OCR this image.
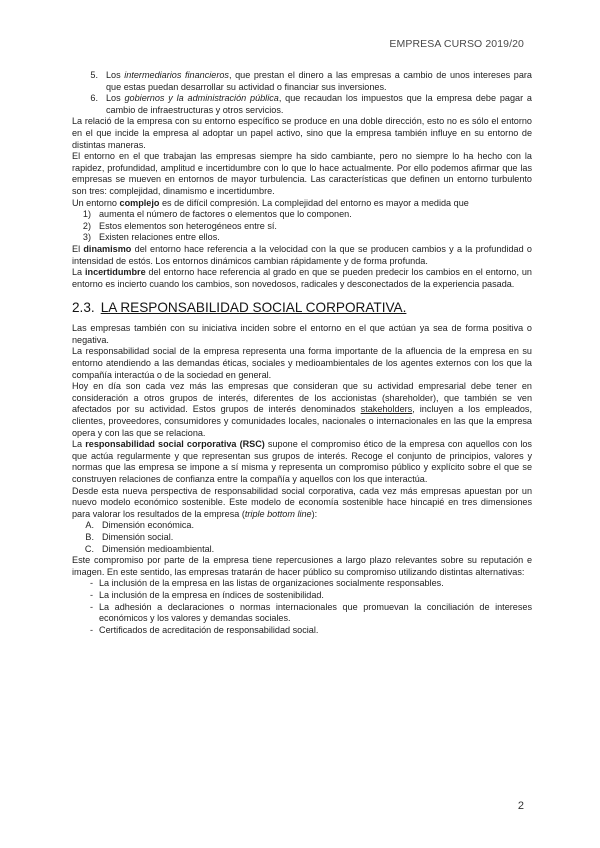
EMPRESA CURSO 2019/20
5. Los intermediarios financieros, que prestan el dinero a las empresas a cambio de unos intereses para que estas puedan desarrollar su actividad o financiar sus inversiones.
6. Los gobiernos y la administración pública, que recaudan los impuestos que la empresa debe pagar a cambio de infraestructuras y otros servicios.

La relació de la empresa con su entorno específico se produce en una doble dirección, esto no es sólo el entorno en el que incide la empresa al adoptar un papel activo, sino que la empresa también influye en su entorno de distintas maneras.

El entorno en el que trabajan las empresas siempre ha sido cambiante, pero no siempre lo ha hecho con la rapidez, profundidad, amplitud e incertidumbre con lo que lo hace actualmente. Por ello podemos afirmar que las empresas se mueven en entornos de mayor turbulencia. Las características que definen un entorno turbulento son tres: complejidad, dinamismo e incertidumbre.

Un entorno complejo es de difícil compresión. La complejidad del entorno es mayor a medida que

1) aumenta el número de factores o elementos que lo componen.
2) Estos elementos son heterogéneos entre sí.
3) Existen relaciones entre ellos.

El dinamismo del entorno hace referencia a la velocidad con la que se producen cambios y a la profundidad o intensidad de estós. Los entornos dinámicos cambian rápidamente y de forma profunda.

La incertidumbre del entorno hace referencia al grado en que se pueden predecir los cambios en el entorno, un entorno es incierto cuando los cambios, son novedosos, radicales y desconectados de la experiencia pasada.

2.3. LA RESPONSABILIDAD SOCIAL CORPORATIVA.

Las empresas también con su iniciativa inciden sobre el entorno en el que actúan ya sea de forma positiva o negativa.

La responsabilidad social de la empresa representa una forma importante de la afluencia de la empresa en su entorno atendiendo a las demandas éticas, sociales y medioambientales de los agentes externos con los que la compañía interactúa o de la sociedad en general.

Hoy en día son cada vez más las empresas que consideran que su actividad empresarial debe tener en consideración a otros grupos de interés, diferentes de los accionistas (shareholder), que también se ven afectados por su actividad. Estos grupos de interés denominados stakeholders, incluyen a los empleados, clientes, proveedores, consumidores y comunidades locales, nacionales o internacionales en las que la empresa opera y con las que se relaciona.

La responsabilidad social corporativa (RSC) supone el compromiso ético de la empresa con aquellos con los que actúa regularmente y que representan sus grupos de interés. Recoge el conjunto de principios, valores y normas que las empresa se impone a sí misma y representa un compromiso público y explícito sobre el que se construyen relaciones de confianza entre la compañía y aquellos con los que interactúa.

Desde esta nueva perspectiva de responsabilidad social corporativa, cada vez más empresas apuestan por un nuevo modelo económico sostenible. Este modelo de economía sostenible hace hincapié en tres dimensiones para valorar los resultados de la empresa (triple bottom line):

A. Dimensión económica.
B. Dimensión social.
C. Dimensión medioambiental.

Este compromiso por parte de la empresa tiene repercusiones a largo plazo relevantes sobre su reputación e imagen. En este sentido, las empresas tratarán de hacer público su compromiso utilizando distintas alternativas:

- La inclusión de la empresa en las listas de organizaciones socialmente responsables.
- La inclusión de la empresa en índices de sostenibilidad.
- La adhesión a declaraciones o normas internacionales que promuevan la conciliación de intereses económicos y los valores y demandas sociales.
- Certificados de acreditación de responsabilidad social.
2
